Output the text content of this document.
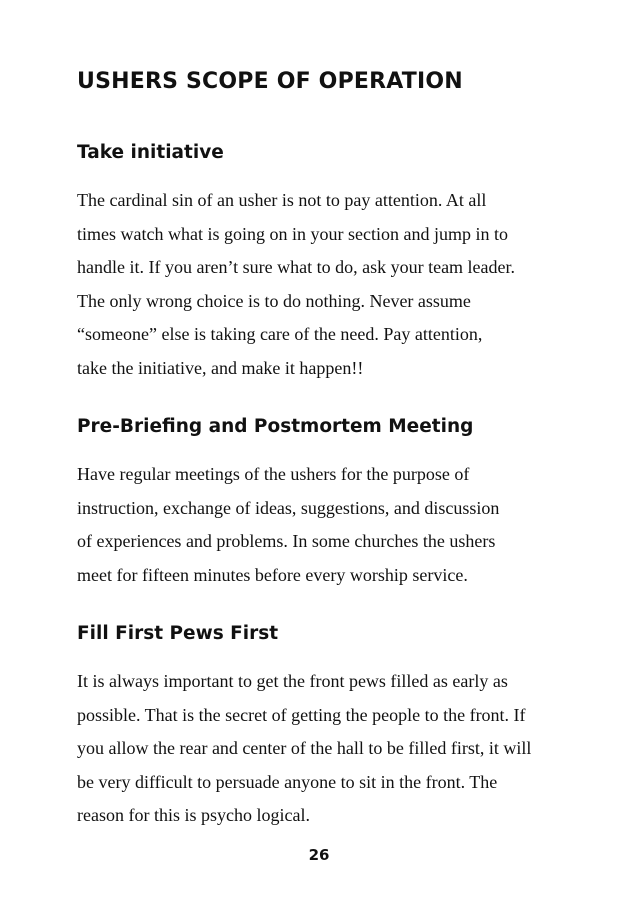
USHERS SCOPE OF OPERATION
Take initiative
The cardinal sin of an usher is not to pay attention. At all
times watch what is going on in your section and jump in to
handle it. If you aren’t sure what to do, ask your team leader.
The only wrong choice is to do nothing. Never assume
“someone” else is taking care of the need. Pay attention,
take the initiative, and make it happen!!
Pre-Briefing and Postmortem Meeting
Have regular meetings of the ushers for the purpose of
instruction, exchange of ideas, suggestions, and discussion
of experiences and problems. In some churches the ushers
meet for fifteen minutes before every worship service.
Fill First Pews First
It is always important to get the front pews filled as early as
possible. That is the secret of getting the people to the front. If
you allow the rear and center of the hall to be filled first, it will
be very difficult to persuade anyone to sit in the front. The
reason for this is psycho logical.
26
